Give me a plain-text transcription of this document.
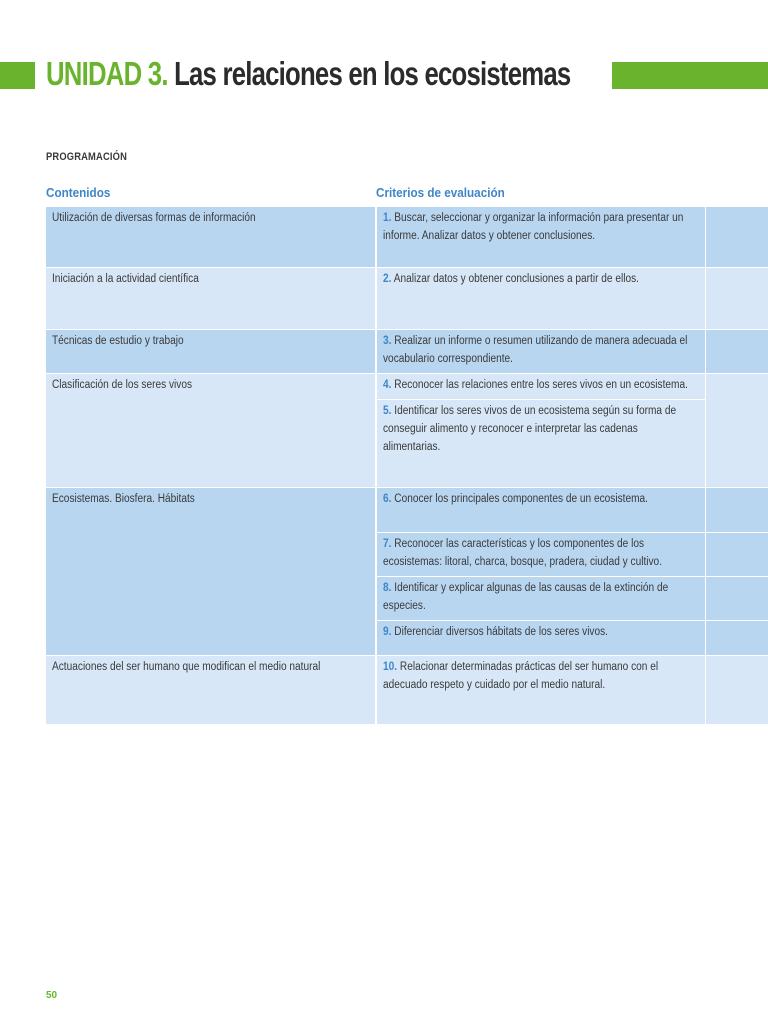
UNIDAD 3. Las relaciones en los ecosistemas
PROGRAMACIÓN
Contenidos	Criterios de evaluación
Utilización de diversas formas de información	1. Buscar, seleccionar y organizar la información para presentar un informe. Analizar datos y obtener conclusiones.
Iniciación a la actividad científica	2. Analizar datos y obtener conclusiones a partir de ellos.
Técnicas de estudio y trabajo	3. Realizar un informe o resumen utilizando de manera adecuada el vocabulario correspondiente.
Clasificación de los seres vivos	4. Reconocer las relaciones entre los seres vivos en un ecosistema.
5. Identificar los seres vivos de un ecosistema según su forma de conseguir alimento y reconocer e interpretar las cadenas alimentarias.
Ecosistemas. Biosfera. Hábitats	6. Conocer los principales componentes de un ecosistema.
7. Reconocer las características y los componentes de los ecosistemas: litoral, charca, bosque, pradera, ciudad y cultivo.
8. Identificar y explicar algunas de las causas de la extinción de especies.
9. Diferenciar diversos hábitats de los seres vivos.
Actuaciones del ser humano que modifican el medio natural	10. Relacionar determinadas prácticas del ser humano con el adecuado respeto y cuidado por el medio natural.
50
